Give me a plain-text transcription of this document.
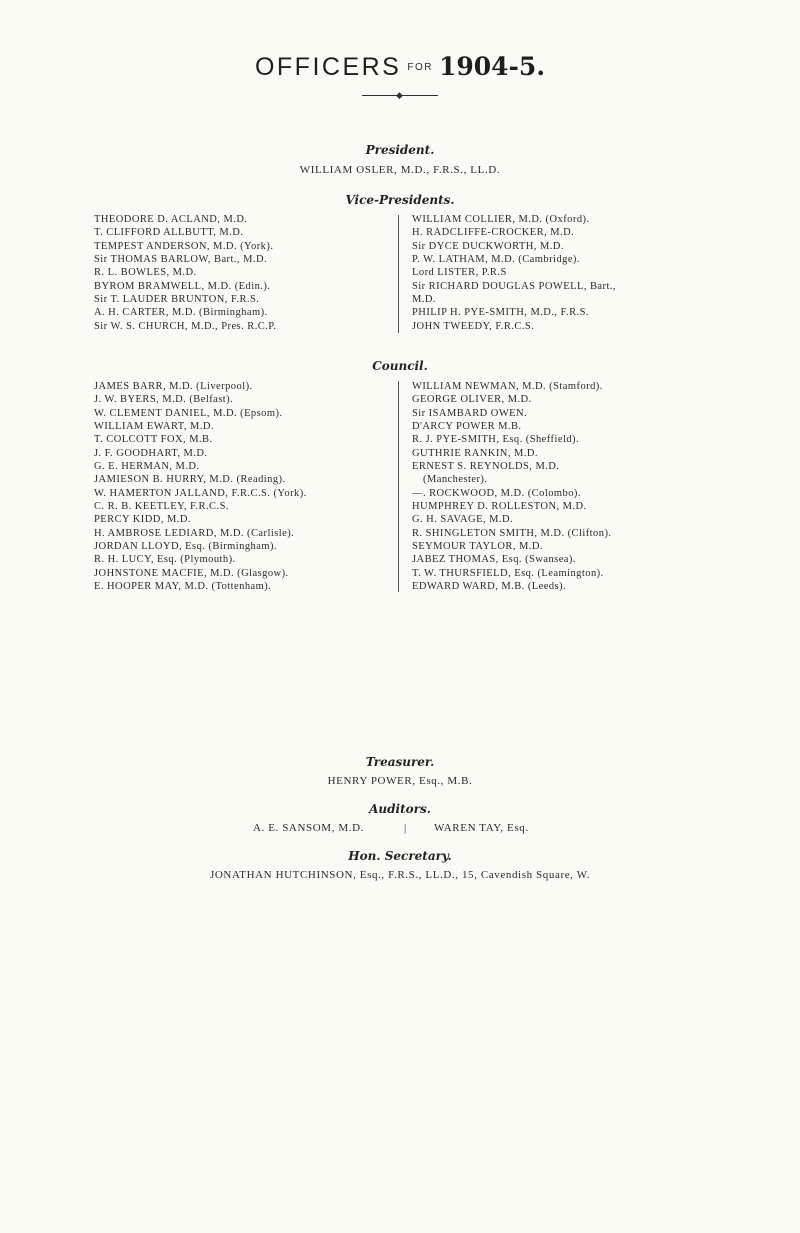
OFFICERS $^{FOR}$ 1904-5.
◆
President.
WILLIAM OSLER, M.D., F.R.S., LL.D.
Vice-Presidents.
THEODORE D. ACLAND, M.D.
T. CLIFFORD ALLBUTT, M.D.
TEMPEST ANDERSON, M.D. (York).
Sir THOMAS BARLOW, Bart., M.D.
R. L. BOWLES, M.D.
BYROM BRAMWELL, M.D. (Edin.).
Sir T. LAUDER BRUNTON, F.R.S.
A. H. CARTER, M.D. (Birmingham).
Sir W. S. CHURCH, M.D., Pres. R.C.P.
WILLIAM COLLIER, M.D. (Oxford).
H. RADCLIFFE-CROCKER, M.D.
Sir DYCE DUCKWORTH, M.D.
P. W. LATHAM, M.D. (Cambridge).
Lord LISTER, P.R.S
Sir RICHARD DOUGLAS POWELL, Bart.,
M.D.
PHILIP H. PYE-SMITH, M.D., F.R.S.
JOHN TWEEDY, F.R.C.S.
Council.
JAMES BARR, M.D. (Liverpool).
J. W. BYERS, M.D. (Belfast).
W. CLEMENT DANIEL, M.D. (Epsom).
WILLIAM EWART, M.D.
T. COLCOTT FOX, M.B.
J. F. GOODHART, M.D.
G. E. HERMAN, M.D.
JAMIESON B. HURRY, M.D. (Reading).
W. HAMERTON JALLAND, F.R.C.S. (York).
C. R. B. KEETLEY, F.R.C.S.
PERCY KIDD, M.D.
H. AMBROSE LEDIARD, M.D. (Carlisle).
JORDAN LLOYD, Esq. (Birmingham).
R. H. LUCY, Esq. (Plymouth).
JOHNSTONE MACFIE, M.D. (Glasgow).
E. HOOPER MAY, M.D. (Tottenham).
WILLIAM NEWMAN, M.D. (Stamford).
GEORGE OLIVER, M.D.
Sir ISAMBARD OWEN.
D'ARCY POWER M.B.
R. J. PYE-SMITH, Esq. (Sheffield).
GUTHRIE RANKIN, M.D.
ERNEST S. REYNOLDS, M.D.
(Manchester).
—. ROCKWOOD, M.D. (Colombo).
HUMPHREY D. ROLLESTON, M.D.
G. H. SAVAGE, M.D.
R. SHINGLETON SMITH, M.D. (Clifton).
SEYMOUR TAYLOR, M.D.
JABEZ THOMAS, Esq. (Swansea).
T. W. THURSFIELD, Esq. (Leamington).
EDWARD WARD, M.B. (Leeds).
Treasurer.
HENRY POWER, Esq., M.B.
Auditors.
A. E. SANSOM, M.D.	| WAREN TAY, Esq.
Hon. Secretary.
JONATHAN HUTCHINSON, Esq., F.R.S., LL.D., 15, Cavendish Square, W.
